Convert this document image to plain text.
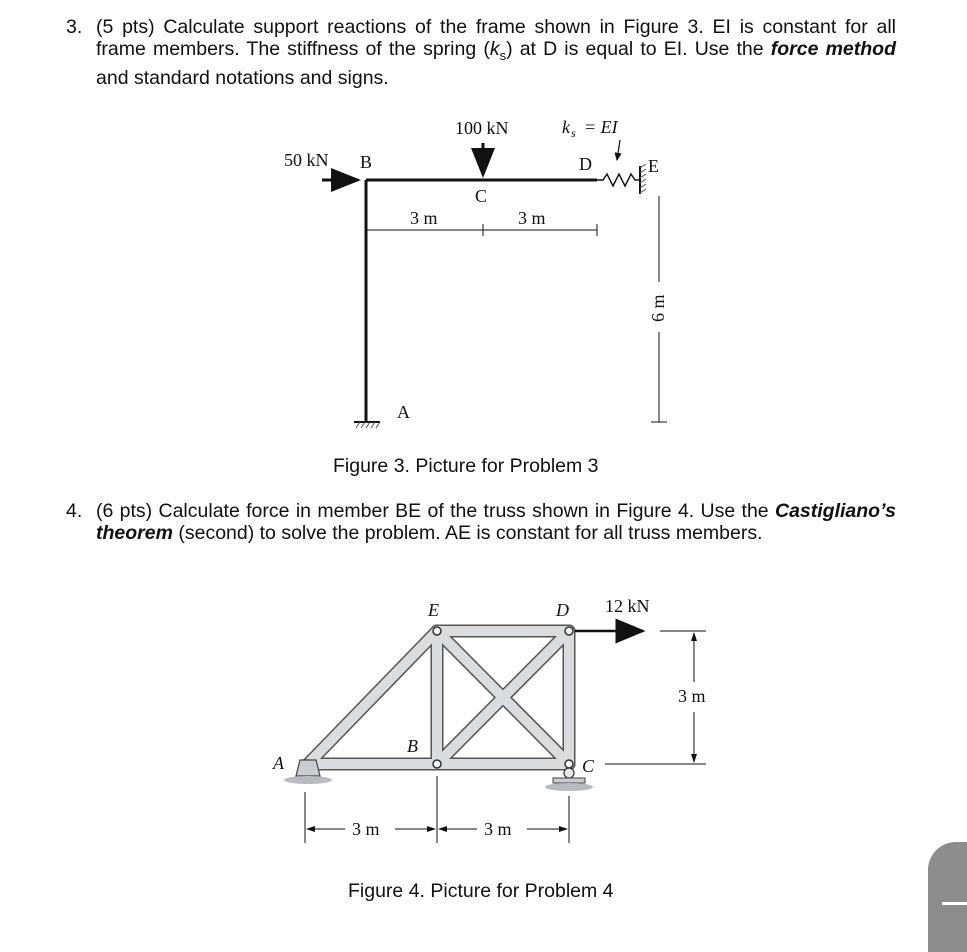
3. (5 pts) Calculate support reactions of the frame shown in Figure 3. EI is constant for all frame members. The stiffness of the spring $(k_s)$ at D is equal to EI. Use the force method and standard notations and signs.
100 kN
50 kN
k s = EI
B
C
D	E
A
3 m	3 m
6 m
Figure 3. Picture for Problem 3
4. (6 pts) Calculate force in member BE of the truss shown in Figure 4. Use the Castigliano’s theorem (second) to solve the problem. AE is constant for all truss members.
12 kN
A
B
C
D
E
3 m
3 m	3 m
Figure 4. Picture for Problem 4
